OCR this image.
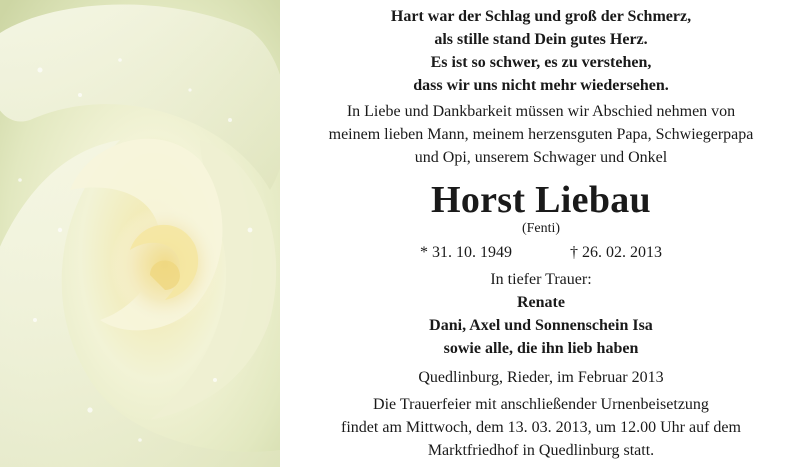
Hart war der Schlag und groß der Schmerz,
als stille stand Dein gutes Herz.
Es ist so schwer, es zu verstehen,
dass wir uns nicht mehr wiedersehen.
In Liebe und Dankbarkeit müssen wir Abschied nehmen von
meinem lieben Mann, meinem herzensguten Papa, Schwiegerpapa
und Opi, unserem Schwager und Onkel
Horst Liebau
(Fenti)
* 31. 10. 1949	† 26. 02. 2013
In tiefer Trauer:
Renate
Dani, Axel und Sonnenschein Isa
sowie alle, die ihn lieb haben
Quedlinburg, Rieder, im Februar 2013
Die Trauerfeier mit anschließender Urnenbeisetzung
findet am Mittwoch, dem 13. 03. 2013, um 12.00 Uhr auf dem
Marktfriedhof in Quedlinburg statt.
